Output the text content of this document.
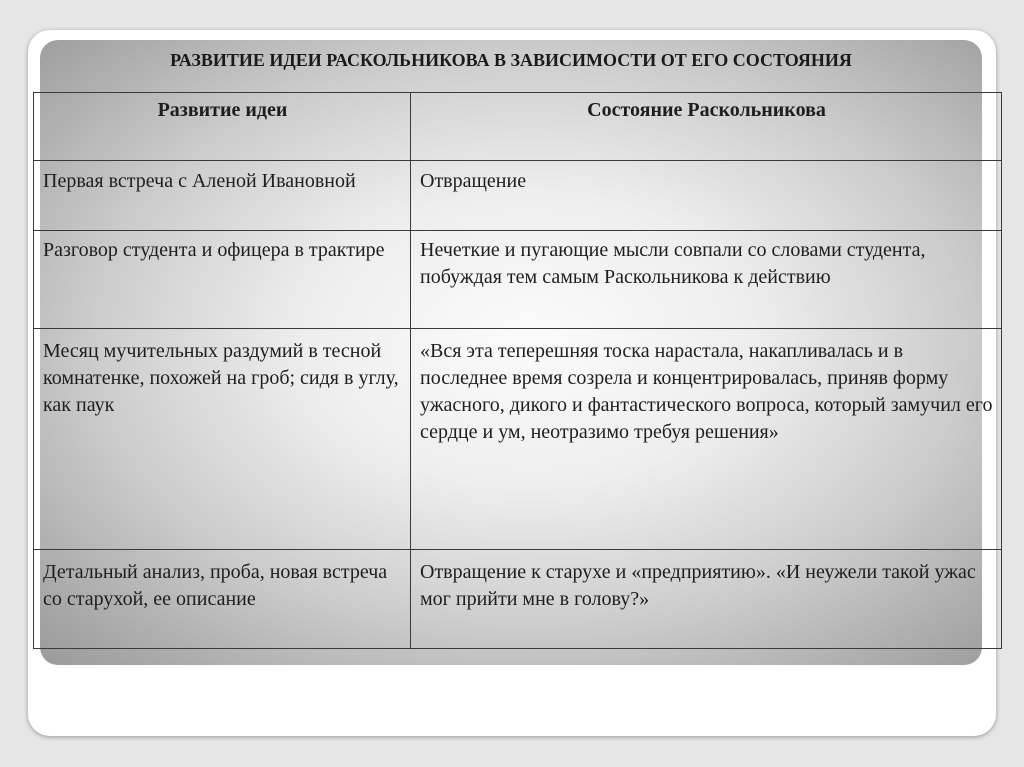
РАЗВИТИЕ ИДЕИ РАСКОЛЬНИКОВА В ЗАВИСИМОСТИ ОТ ЕГО СОСТОЯНИЯ
Развитие идеи	Состояние Раскольникова
Первая встреча с Аленой Ивановной	Отвращение
Разговор студента и офицера в трактире	Нечеткие и пугающие мысли совпали со словами студента, побуждая тем самым Раскольникова к действию
Месяц мучительных раздумий в тесной комнатенке, похожей на гроб; сидя в углу, как паук	«Вся эта теперешняя тоска нарастала, накапливалась и в последнее время созрела и концентрировалась, приняв форму ужасного, дикого и фантастического вопроса, который замучил его сердце и ум, неотразимо требуя решения»
Детальный анализ, проба, новая встреча со старухой, ее описание	Отвращение к старухе и «предприятию». «И неужели такой ужас мог прийти мне в голову?»
